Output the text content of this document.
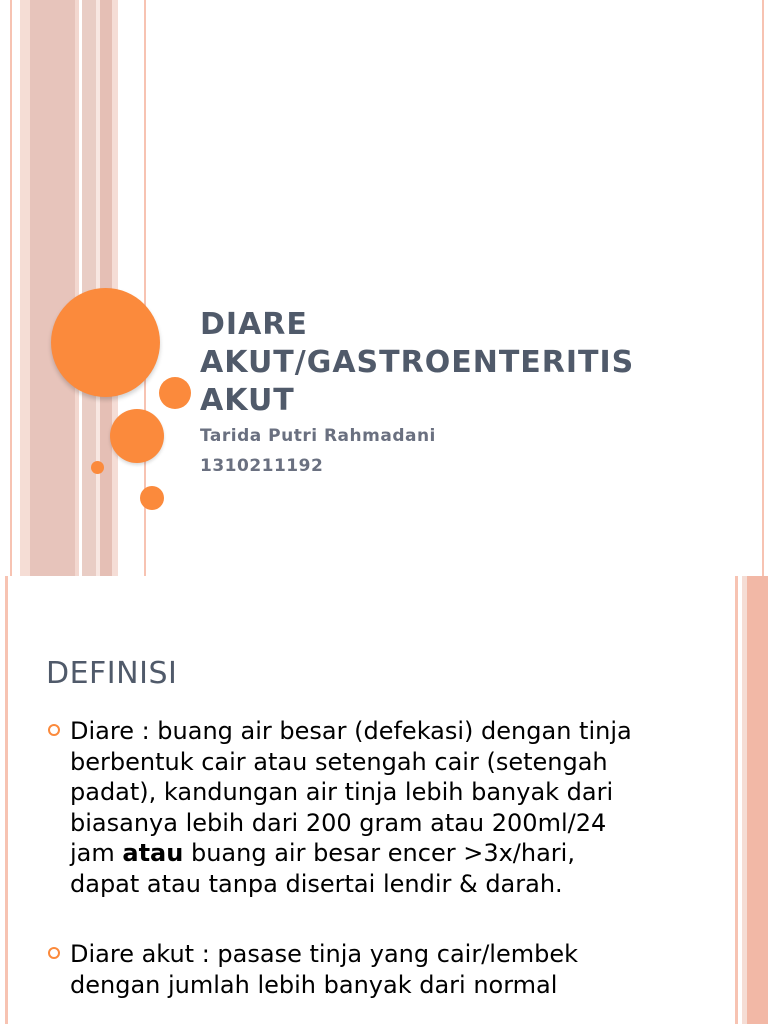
DIARE AKUT/GASTROENTERITIS AKUT

Tarida Putri Rahmadani

1310211192

DEFINISI
Diare : buang air besar (defekasi) dengan tinja berbentuk cair atau setengah cair (setengah padat), kandungan air tinja lebih banyak dari biasanya lebih dari 200 gram atau 200ml/24 jam atau buang air besar encer >3x/hari, dapat atau tanpa disertai lendir & darah.
Diare akut : pasase tinja yang cair/lembek dengan jumlah lebih banyak dari normal
